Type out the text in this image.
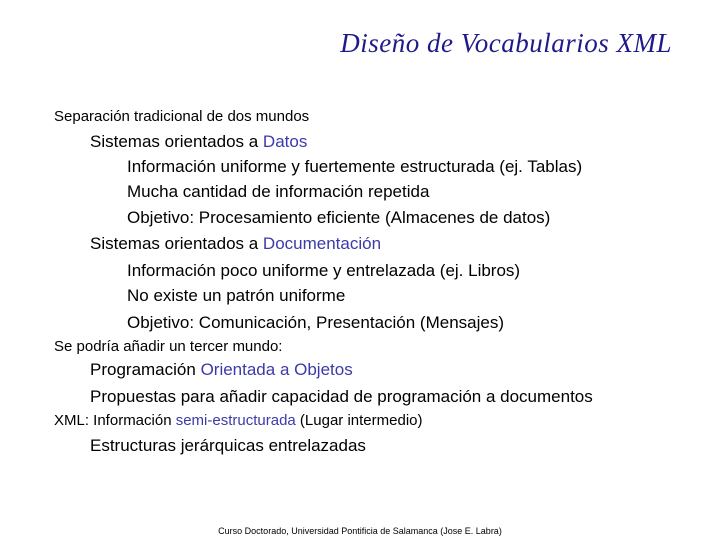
Diseño de Vocabularios XML
Separación tradicional de dos mundos
Sistemas orientados a Datos
Información uniforme y fuertemente estructurada (ej. Tablas)
Mucha cantidad de información repetida
Objetivo: Procesamiento eficiente (Almacenes de datos)
Sistemas orientados a Documentación
Información poco uniforme y entrelazada (ej. Libros)
No existe un patrón uniforme
Objetivo: Comunicación, Presentación (Mensajes)
Se podría añadir un tercer mundo:
Programación Orientada a Objetos
Propuestas para añadir capacidad de programación a documentos
XML: Información semi-estructurada (Lugar intermedio)
Estructuras jerárquicas entrelazadas
Curso Doctorado, Universidad Pontificia de Salamanca (Jose E. Labra)
